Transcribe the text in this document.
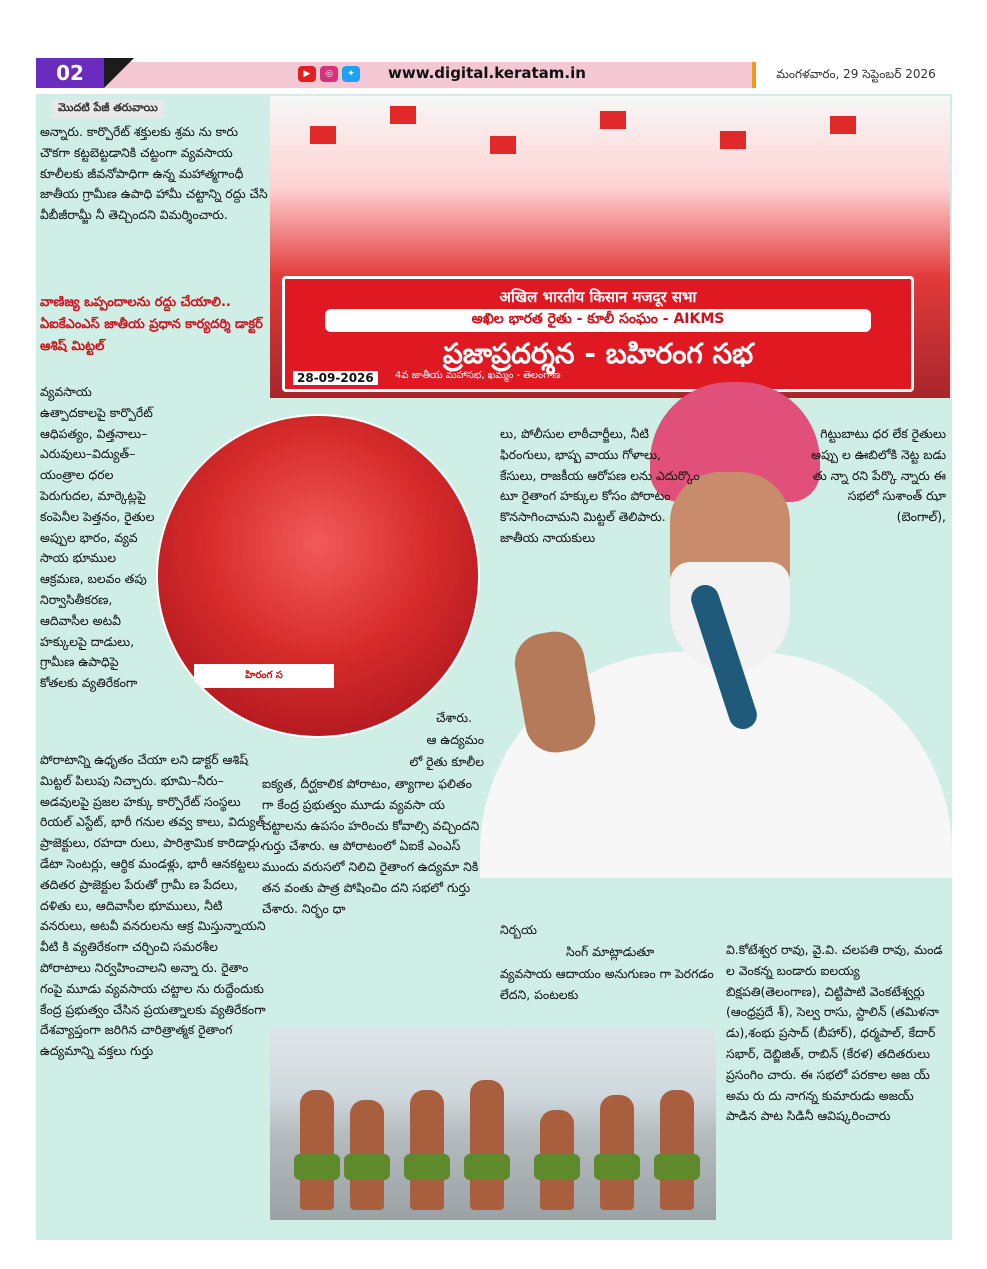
02	▶	◎	✦	www.digital.keratam.in	మంగళవారం, 29 సెప్టెంబర్ 2026
మొదటి పేజీ తరువాయి

అన్నారు. కార్పొరేట్ శక్తులకు శ్రమ ను కారు చౌకగా కట్టబెట్టడానికి చట్టంగా వ్యవసాయ కూలీలకు జీవనోపాధిగా ఉన్న మహాత్మగాంధీ జాతీయ గ్రామీణ ఉపాధి హామీ చట్టాన్ని రద్దు చేసి వీబీజీరామ్జీ నీ తెచ్చిందని విమర్శించారు.

వాణిజ్య ఒప్పందాలను రద్దు చేయాలి.. ఏఐకేఎంఎస్ జాతీయ ప్రధాన కార్యదర్శి డాక్టర్ ఆశిష్ మిట్టల్

వ్యవసాయ ఉత్పాదకాలపై కార్పొరేట్ ఆధిపత్యం, విత్తనాలు–ఎరువులు–విద్యుత్–యంత్రాల ధరల పెరుగుదల, మార్కెట్లపై కంపెనీల పెత్తనం, రైతుల అప్పుల భారం, వ్యవ సాయ భూముల ఆక్రమణ, బలవం తపు నిర్వాసితీకరణ, ఆదివాసీల అటవీ హక్కులపై దాడులు, గ్రామీణ ఉపాధిపై కోతలకు వ్యతిరేకంగా

పోరాటాన్ని ఉధృతం చేయా లని డాక్టర్ ఆశిష్ మిట్టల్ పిలుపు నిచ్చారు. భూమి–నీరు–అడవులపై ప్రజల హక్కు కార్పొరేట్ సంస్థలు రియల్ ఎస్టేట్, భారీ గనుల తవ్వ కాలు, విద్యుత్ ప్రాజెక్టులు, రహదా రులు, పారిశ్రామిక కారిడార్లు, డేటా సెంటర్లు, ఆర్థిక మండళ్లు, భారీ ఆనకట్టలు తదితర ప్రాజెక్టుల పేరుతో గ్రామీ ణ పేదలు, దళితు లు, ఆదివాసీల భూములు, నీటి వనరులు, అటవీ వనరులను ఆక్ర మిస్తున్నాయని వీటి కి వ్యతిరేకంగా చర్చించి సమరశీల పోరాటాలు నిర్వహించాలని అన్నా రు. రైతాం గంపై మూడు వ్యవసాయ చట్టాల ను రుద్దేందుకు కేంద్ర ప్రభుత్వం చేసిన ప్రయత్నాలకు వ్యతిరేకంగా దేశవ్యాప్తంగా జరిగిన చారిత్రాత్మక రైతాంగ ఉద్యమాన్ని వక్తలు గుర్తు

अखिल भारतीय किसान मजदूर सभा
అఖిల భారత రైతు - కూలీ సంఘం - AIKMS
ప్రజాప్రదర్శన - బహిరంగ సభ
28-09-2026	4వ జాతీయ మహాసభ, ఖమ్మం - తెలంగాణ
హిరంగ స
లు, పోలీసుల లాఠీచార్జీలు, నీటి ఫిరంగులు, భాష్ప వాయు గోళాలు, కేసులు, రాజకీయ ఆరోపణ లను ఎదుర్కొం టూ రైతాంగ హక్కుల కోసం పోరాటం కొనసాగించామని మిట్టల్ తెలిపారు. జాతీయ నాయకులు
గిట్టుబాటు ధర లేక రైతులు అప్పు ల ఊబిలోకి నెట్ట బడు తు న్నా రని పేర్కొ న్నారు ఈ సభలో సుశాంత్ ఝా (బెంగాల్),
చేశారు.
ఆ ఉద్యమం
లో రైతు కూలీల
ఐక్యత, దీర్ఘకాలిక పోరాటం, త్యాగాల ఫలితం గా కేంద్ర ప్రభుత్వం మూడు వ్యవసా య చట్టాలను ఉపసం హరించు కోవాల్సి వచ్చిందని గుర్తు చేశారు. ఆ పోరాటంలో ఏఐకే ఎంఎస్ ముందు వరుసలో నిలిచి రైతాంగ ఉద్యమా నికి తన వంతు పాత్ర పోషించిం దని సభలో గుర్తు చేశారు. నిర్భం ధా
నిర్బయ
సింగ్ మాట్లాడుతూ
వ్యవసాయ ఆదాయం అనుగుణం గా పెరగడం లేదని, పంటలకు
వి.కోటేశ్వర రావు, వై.వి. చలపతి రావు, మండ ల వెంకన్న బండారు ఐలయ్య బిక్షపతి(తెలంగాణ), చిట్టిపాటి వెంకటేశ్వర్లు (ఆంధ్రప్రదే శ్), సెల్వ రాసు, స్టాలిన్ (తమిళనా డు),శంభు ప్రసాద్ (బీహార్), ధర్మపాల్, కేదార్ సభార్, దెబ్జిజిత్, రాబిన్ (కేరళ) తదితరులు ప్రసంగిం చారు. ఈ సభలో పరకాల అజ య్ అమ రు దు నాగన్న కుమారుడు అజయ్ పాడిన పాట సిడినీ ఆవిష్కరించారు
